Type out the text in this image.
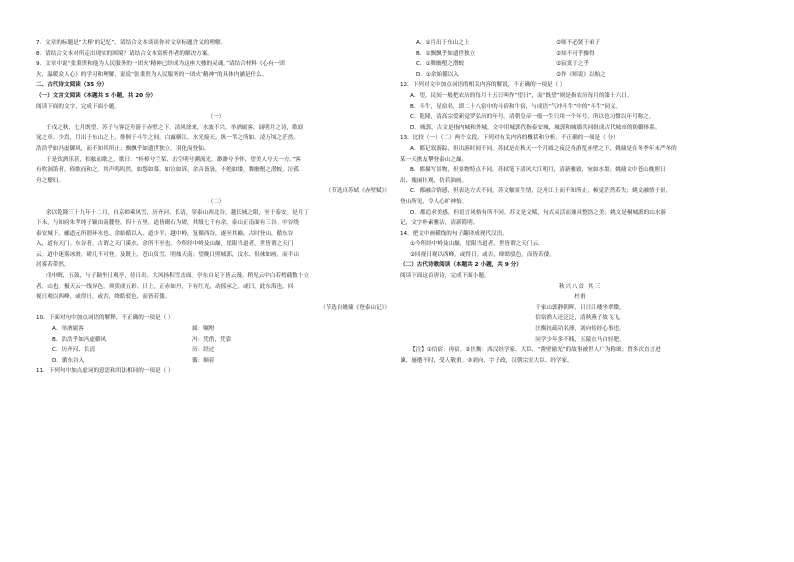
7．文章的标题是“大棒’的记忆”，请结合文本谈谈你对文章标题含义的理解。
8．请结合文本对所走出现实的困境？请结合文本赏析作者的解决方案。
9．文章中说“张秉贵和他为人民服务的一团火’精神已经成为这座大楼的灵魂。”请结合材料《心有一团
火，温暖众人心》的学习和理解，说说“张秉贵为人民服务的一团火’精神”的具体内涵是什么。
二、古代诗文阅读（35 分）
（一）文言文阅读（本题共 5 小题，共 20 分）
阅读下面的文字，完成下面小题。
（一）
壬戌之秋，七月既望，苏子与客泛舟游于赤壁之下。清风徐来，水波不兴。举酒属客，诵明月之诗，歌窈
窕之章。少焉，月出于东山之上，徘徊于斗牛之间。白露横江，水光接天。纵一苇之所如，凌万顷之茫然。
浩浩乎如冯虚御风，而不知其所止；飘飘乎如遗世独立，羽化而登仙。
于是饮酒乐甚，扣舷而歌之。歌曰：“桂棹兮兰桨，击空明兮溯流光。渺渺兮予怀，望美人兮天一方。”客
有吹洞箫者，倚歌而和之。其声呜呜然，如怨如慕，如泣如诉，余音袅袅，不绝如缕。舞幽壑之潜蛟，泣孤
舟之嫠妇。
（节选自苏轼《赤壁赋》）
（二）
余以乾隆三十九年十二月，自京师乘风雪，历齐河、长清，穿泰山西北谷，越长城之限，至于泰安。是月丁
下未，与知府朱孝纯子颖由南麓登。四十五里，道皆砌石为磴，其级七千有余。泰山正南面有三谷。中谷绕
泰安城下，郦道元所谓环水也。余始循以入，道少半，越中岭，复循西谷，遂至其巅。古时登山，循东谷
入，道有天门。东谷者，古谓之天门溪水，余所不至也。今所经中岭及山巅，崖限当道者，世皆谓之天门
云。道中迷雾冰滑，磴几不可登。及既上，苍山负雪，明烛天南；望晚日照城郭，汶水、徂徕如画，而半山
居雾若带然。
戊申晦，五鼓，与子颖坐日观亭，待日出。大风扬积雪击面。亭东自足下皆云漫。稍见云中白若樗蒱数十立
者，山也。极天云一线异色，须臾成五彩。日上，正赤如丹，下有红光，动摇承之。或曰，此东海也。回
视日观以西峰，或得日，或否，绛皓驳色，而皆若偻。
（节选自姚鼐《登泰山记》）
10．下面对句中加点词语的解释，不正确的一项是（ ）
A．举酒属客	属：嘱咐
B．浩浩乎如冯虚御风	冯：凭借，凭靠
C．历齐河、长清	历：经过
D．循东谷入	循：顺着
11．下列句中加点虚词的意思和用法相同的一项是（ ）
A．①月出于东山之上	②师不必贤于弟子
B．①飘飘乎如遗世独立	②知不可乎骤得
C．①舞幽壑之潜蛟	②寂寞于之乎
D．①余始循以入	②作《师说》以贻之
12．下列对文中加点词语的相关内容的解说，不正确的一项是（ ）
A．望，民间一般把农历的每月十五日叫作“望日”，而“既望”则是指农历每月的第十六日。
B．斗牛，星宿名，即二十八宿中的斗宿和牛宿，与成语“气冲斗牛”中的“斗牛”同义。
C．乾隆，清高宗爱新觉罗弘历的年号。清朝皇帝一般一生只用一个年号，所以也习惯以年号称之。
D．城郭，古文是指内城和外城，文中用城郭代指泰安城，城郭和城墙共同组成古代城市的防御体系。
13．比较（一）（二）两个文段，下列对有关内容的概括和分析，不正确的一项是（ 分）
A．都记叙游踪，但出游时间不同。苏轼是在秋天一个月圆之夜泛舟游览赤壁之下，姚鼐是在冬季年末严冬的
某一天携友攀登泰山之巅。
B．都描写景物，但景物特点不同。苏轼笔下清风大江明月，清新雅致，宛如水墨；姚鼐文中苍山晚照日
出，瑰丽壮观，仿若油画。
C．都融合情感，但表达方式不同。苏文触景生情，泛舟江上而不知所止，顿觉茫然若失；姚文融情于景，
登山所见，令人心旷神怡。
D．都追求美感，但语言风格有所不同。苏文是文赋，句式灵活而兼具整饬之美；姚文是桐城派的山水游
记，文字朴素雅洁，清新简明。
14．把文中画横线的句子翻译成现代汉语。
①今所经中岭及山巅，崖限当道者，世皆谓之天门云。
②回视日观以西峰，或得日，或否，绛皓驳色，而皆若偻。
（二）古代诗歌阅读（本题共 2 小题，共 9 分）
阅读下面这首唐诗，完成下面小题。
秋兴八首 其三
杜甫
千家山郭静朝晖，日日江楼坐翠微。
信宿渔人还泛泛，清秋燕子故飞飞。
匡衡抗疏功名薄，刘向传经心事违。
同学少年多不贱，五陵衣马自轻肥。
【注】①信宿：再宿。②匡衡：西汉经学家、大臣，“凿壁偷光”的故事被世人广为称颂；曾多次直言进
谏，屡遭不时，受人敬重。③刘向，字子政，汉朝宗室大臣、经学家。
